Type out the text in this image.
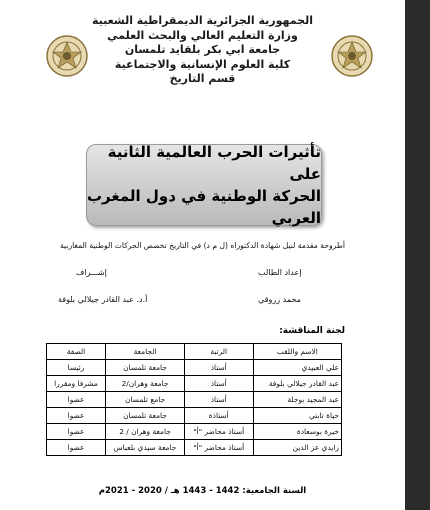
الجمهورية الجزائرية الديمقراطية الشعبية
وزارة التعليم العالي والبحث العلمي
جامعة ابي بكر بلقايد تلمسان
كلية العلوم الإنسانية والاجتماعية
قسم التاريخ
تأثيرات الحرب العالمية الثانية على
الحركة الوطنية في دول المغرب العربي
أطروحة مقدمة لنيل شهادة الدكتوراه (ل م د) في التاريخ تخصص الحركات الوطنية المغاربية
إعداد الطالب
محمد زروقي
إشـــراف
أ.د. عبد القادر جيلالي بلوفة
لجنة المناقشة:
الاسم واللقب	الرتبة	الجامعة	الصفة
علي العبيدي	أستاذ	جامعة تلمسان	رئيسا
عبد القادر جيلالي بلوفة	أستاذ	جامعة وهران/2	مشرفا ومقررا
عبد المجيد بوجلة	أستاذ	جامع تلمسان	عضوا
حياة تابتي	أستاذة	جامعة تلمسان	عضوا
خيرة بوسعادة	أستاذ محاضر "أ"	جامعة وهران / 2	عضوا
زايدي عز الدين	أستاذ محاضر "أ"	جامعة سيدي بلعباس	عضوا
السنة الجامعية: 1442 - 1443 هـ / 2020 - 2021م
